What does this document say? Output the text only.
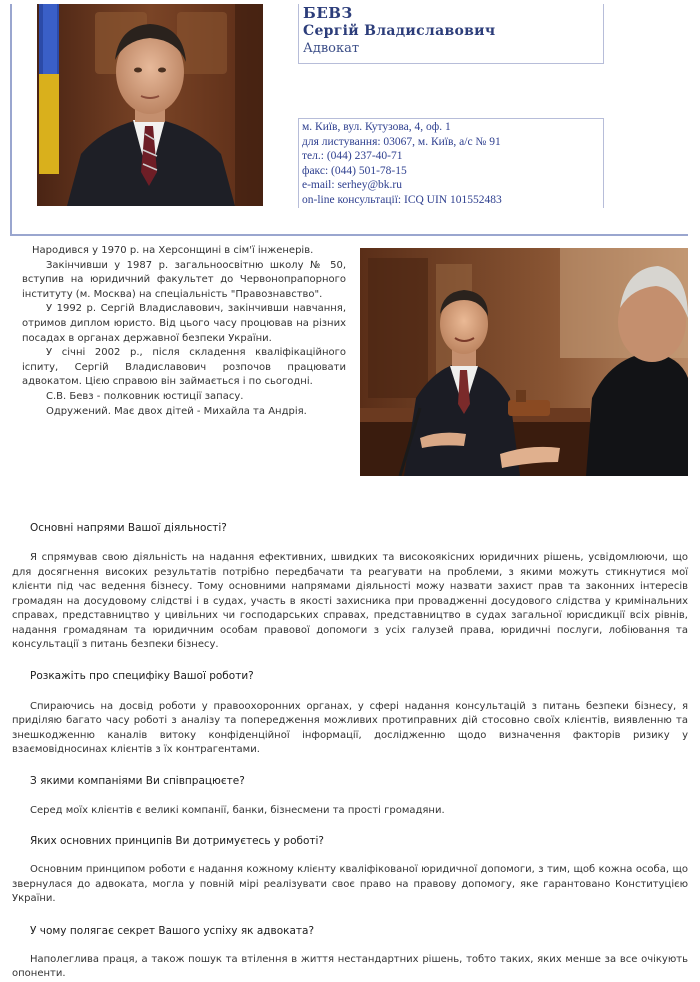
БЕВЗ
Сергій Владиславович
Адвокат
м. Київ, вул. Кутузова, 4, оф. 1
для листування: 03067, м. Київ, а/с № 91
тел.: (044) 237-40-71
факс: (044) 501-78-15
e-mail: serhey@bk.ru
on-line консультації: ICQ UIN 101552483

Народився у 1970 р. на Херсонщині в сім'ї інженерів.

Закінчивши у 1987 р. загальноосвітню школу № 50, вступив на юридичний факультет до Червонопрапорного інституту (м. Москва) на спеціальність "Правознавство".

У 1992 р. Сергій Владиславович, закінчивши навчання, отримов диплом юристо. Від цього часу процював на різних посадах в органах державної безпеки України.

У січні 2002 р., після складення кваліфікаційного іспиту, Сергій Владиславович розпочов працювати адвокатом. Цією справою він займається і по сьогодні.

С.В. Бевз - полковник юстиції запасу.

Одружений. Має двох дітей - Михайла та Андрія.

Основні напрями Вашої діяльності?

Я спрямував свою діяльність на надання ефективних, швидких та високоякісних юридичних рішень, усвідомлюючи, що для досягнення високих результатів потрібно передбачати та реагувати на проблеми, з якими можуть стикнутися мої клієнти під час ведення бізнесу. Тому основними напрямами діяльності можу назвати захист прав та законних інтересів громадян на досудовому слідстві і в судах, участь в якості захисника при провадженні досудового слідства у кримінальних справах, представництво у цивільних чи господарських справах, представництво в судах загальної юрисдикції всіх рівнів, надання громадянам та юридичним особам правової допомоги з усіх галузей права, юридичні послуги, лобіювання та консультації з питань безпеки бізнесу.

Розкажіть про специфіку Вашої роботи?

Спираючись на досвід роботи у правоохоронних органах, у сфері надання консультацій з питань безпеки бізнесу, я приділяю багато часу роботі з аналізу та попередження можливих протиправних дій стосовно своїх клієнтів, виявленню та знешкодженню каналів витоку конфіденційної інформації, дослідженню щодо визначення факторів ризику у взаємовідносинах клієнтів з їх контрагентами.

З якими компаніями Ви співпрацюєте?

Серед моїх клієнтів є великі компанії, банки, бізнесмени та прості громадяни.

Яких основних принципів Ви дотримуєтесь у роботі?

Основним принципом роботи є надання кожному клієнту кваліфікованої юридичної допомоги, з тим, щоб кожна особа, що звернулася до адвоката, могла у повній мірі реалізувати своє право на правову допомогу, яке гарантовано Конституцією України.

У чому полягає секрет Вашого успіху як адвоката?

Наполеглива праця, а також пошук та втілення в життя нестандартних рішень, тобто таких, яких менше за все очікують опоненти.
